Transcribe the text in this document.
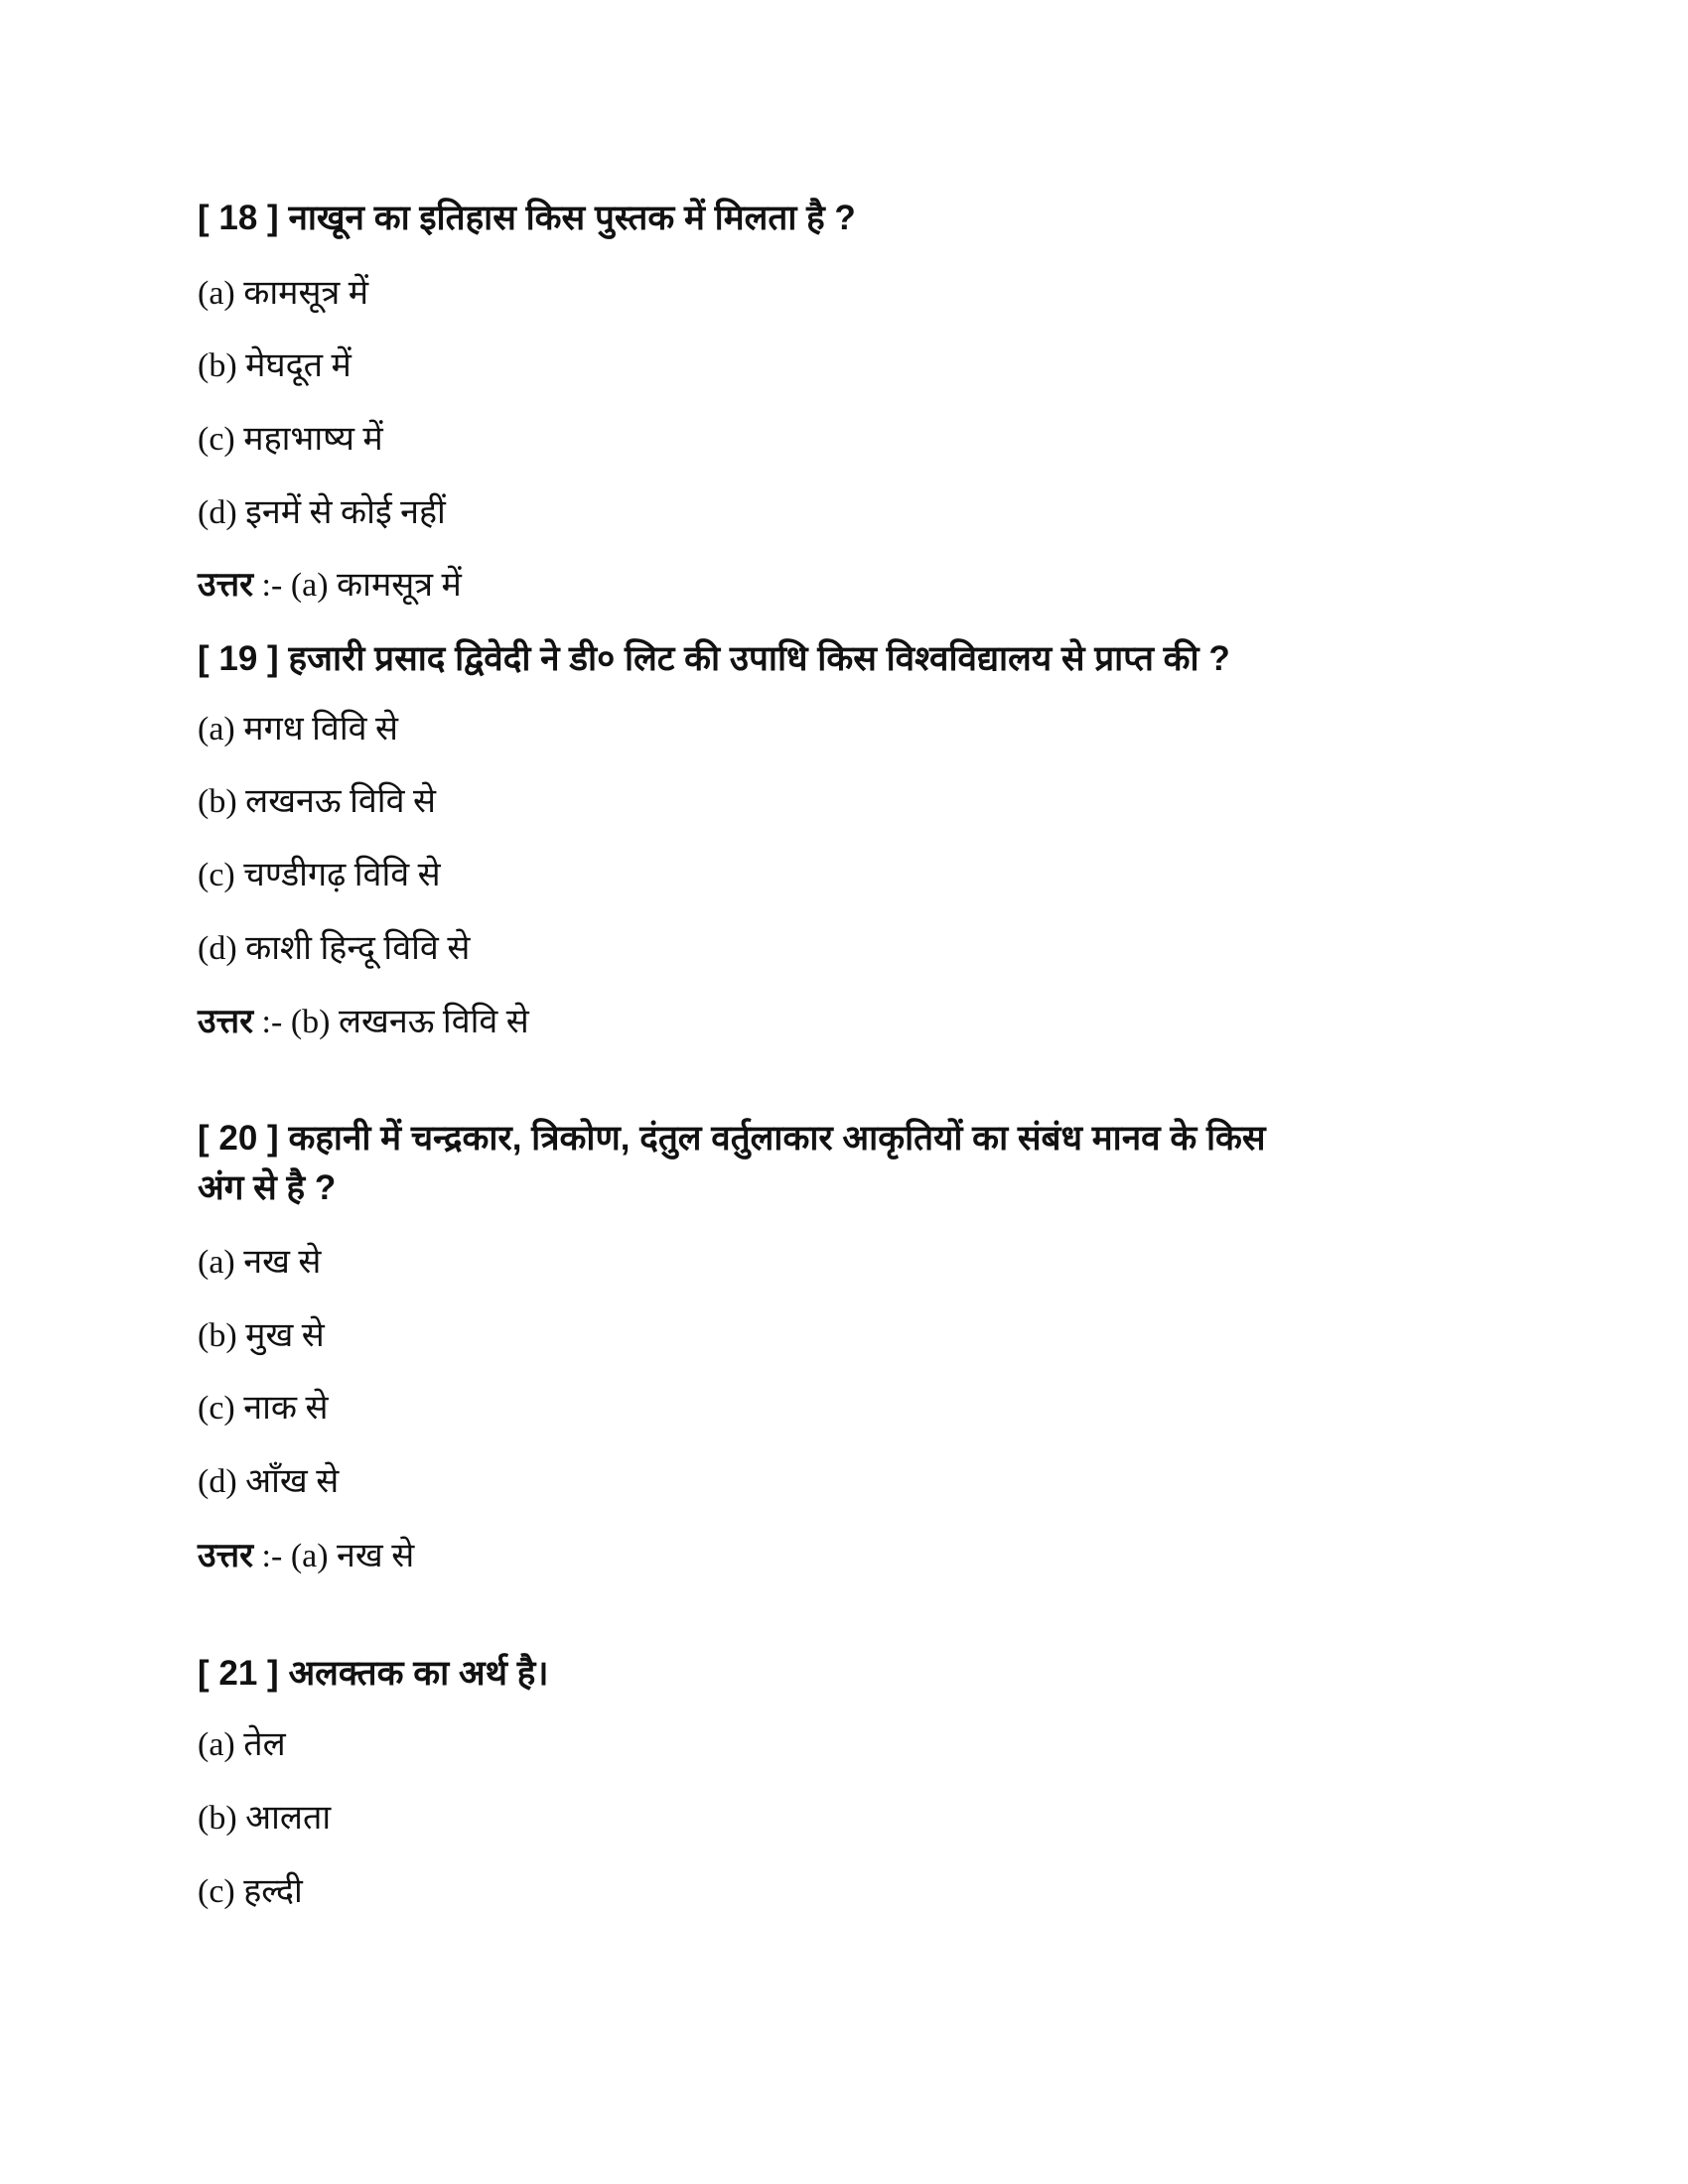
[ 18 ] नाखून का इतिहास किस पुस्तक में मिलता है ?
(a) कामसूत्र में
(b) मेघदूत में
(c) महाभाष्य में
(d) इनमें से कोई नहीं
उत्तर :- (a) कामसूत्र में
[ 19 ] हजारी प्रसाद द्विवेदी ने डी० लिट की उपाधि किस विश्वविद्यालय से प्राप्त की ?
(a) मगध विवि से
(b) लखनऊ विवि से
(c) चण्डीगढ़ विवि से
(d) काशी हिन्दू विवि से
उत्तर :- (b) लखनऊ विवि से
[ 20 ] कहानी में चन्द्रकार, त्रिकोण, दंतुल वर्तुलाकार आकृतियों का संबंध मानव के किस
अंग से है ?
(a) नख से
(b) मुख से
(c) नाक से
(d) आँख से
उत्तर :- (a) नख से
[ 21 ] अलक्तक का अर्थ है।
(a) तेल
(b) आलता
(c) हल्दी
